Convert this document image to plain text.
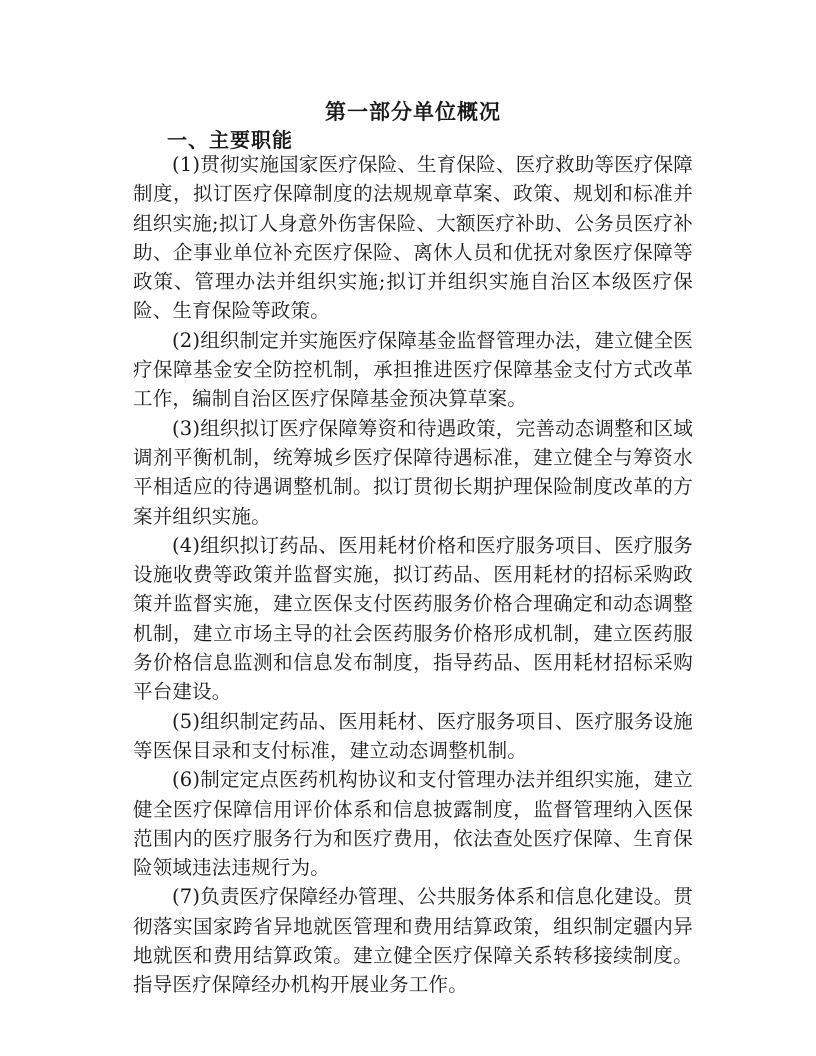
第一部分单位概况
一、主要职能

(1)贯彻实施国家医疗保险、生育保险、医疗救助等医疗保障制度，拟订医疗保障制度的法规规章草案、政策、规划和标准并组织实施;拟订人身意外伤害保险、大额医疗补助、公务员医疗补助、企事业单位补充医疗保险、离休人员和优抚对象医疗保障等政策、管理办法并组织实施;拟订并组织实施自治区本级医疗保险、生育保险等政策。

(2)组织制定并实施医疗保障基金监督管理办法，建立健全医疗保障基金安全防控机制，承担推进医疗保障基金支付方式改革工作，编制自治区医疗保障基金预决算草案。

(3)组织拟订医疗保障筹资和待遇政策，完善动态调整和区域调剂平衡机制，统筹城乡医疗保障待遇标准，建立健全与筹资水平相适应的待遇调整机制。拟订贯彻长期护理保险制度改革的方案并组织实施。

(4)组织拟订药品、医用耗材价格和医疗服务项目、医疗服务设施收费等政策并监督实施，拟订药品、医用耗材的招标采购政策并监督实施，建立医保支付医药服务价格合理确定和动态调整机制，建立市场主导的社会医药服务价格形成机制，建立医药服务价格信息监测和信息发布制度，指导药品、医用耗材招标采购平台建设。

(5)组织制定药品、医用耗材、医疗服务项目、医疗服务设施等医保目录和支付标准，建立动态调整机制。

(6)制定定点医药机构协议和支付管理办法并组织实施，建立健全医疗保障信用评价体系和信息披露制度，监督管理纳入医保范围内的医疗服务行为和医疗费用，依法查处医疗保障、生育保险领域违法违规行为。

(7)负责医疗保障经办管理、公共服务体系和信息化建设。贯彻落实国家跨省异地就医管理和费用结算政策，组织制定疆内异地就医和费用结算政策。建立健全医疗保障关系转移接续制度。指导医疗保障经办机构开展业务工作。
